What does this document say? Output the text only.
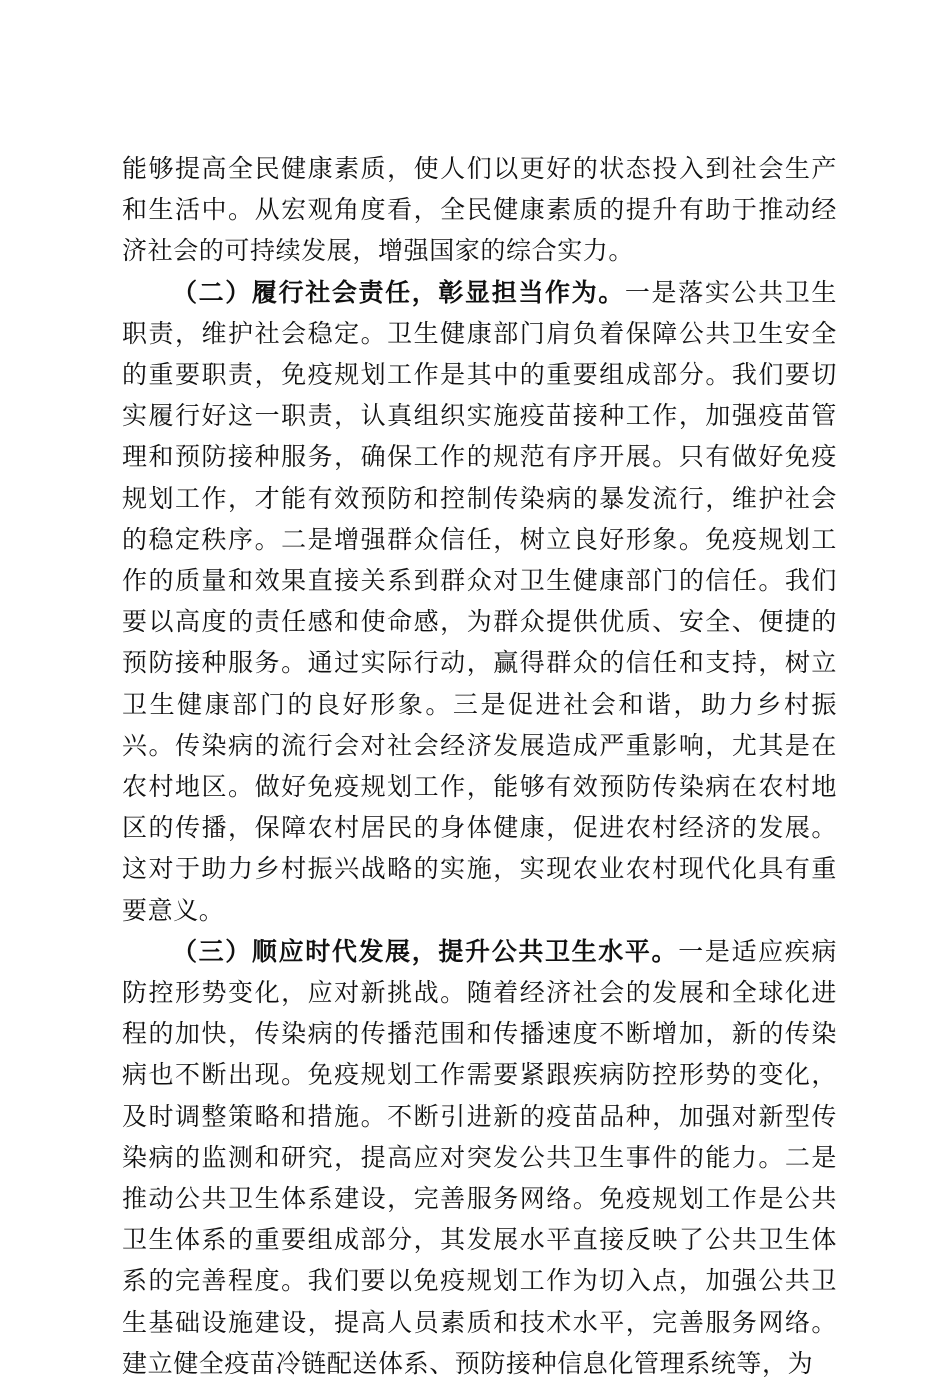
能够提高全民健康素质，使人们以更好的状态投入到社会生产和生活中。从宏观角度看，全民健康素质的提升有助于推动经济社会的可持续发展，增强国家的综合实力。

（二）履行社会责任，彰显担当作为。一是落实公共卫生职责，维护社会稳定。卫生健康部门肩负着保障公共卫生安全的重要职责，免疫规划工作是其中的重要组成部分。我们要切实履行好这一职责，认真组织实施疫苗接种工作，加强疫苗管理和预防接种服务，确保工作的规范有序开展。只有做好免疫规划工作，才能有效预防和控制传染病的暴发流行，维护社会的稳定秩序。二是增强群众信任，树立良好形象。免疫规划工作的质量和效果直接关系到群众对卫生健康部门的信任。我们要以高度的责任感和使命感，为群众提供优质、安全、便捷的预防接种服务。通过实际行动，赢得群众的信任和支持，树立卫生健康部门的良好形象。三是促进社会和谐，助力乡村振兴。传染病的流行会对社会经济发展造成严重影响，尤其是在农村地区。做好免疫规划工作，能够有效预防传染病在农村地区的传播，保障农村居民的身体健康，促进农村经济的发展。这对于助力乡村振兴战略的实施，实现农业农村现代化具有重要意义。

（三）顺应时代发展，提升公共卫生水平。一是适应疾病防控形势变化，应对新挑战。随着经济社会的发展和全球化进程的加快，传染病的传播范围和传播速度不断增加，新的传染病也不断出现。免疫规划工作需要紧跟疾病防控形势的变化，及时调整策略和措施。不断引进新的疫苗品种，加强对新型传染病的监测和研究，提高应对突发公共卫生事件的能力。二是推动公共卫生体系建设，完善服务网络。免疫规划工作是公共卫生体系的重要组成部分，其发展水平直接反映了公共卫生体系的完善程度。我们要以免疫规划工作为切入点，加强公共卫生基础设施建设，提高人员素质和技术水平，完善服务网络。建立健全疫苗冷链配送体系、预防接种信息化管理系统等，为
